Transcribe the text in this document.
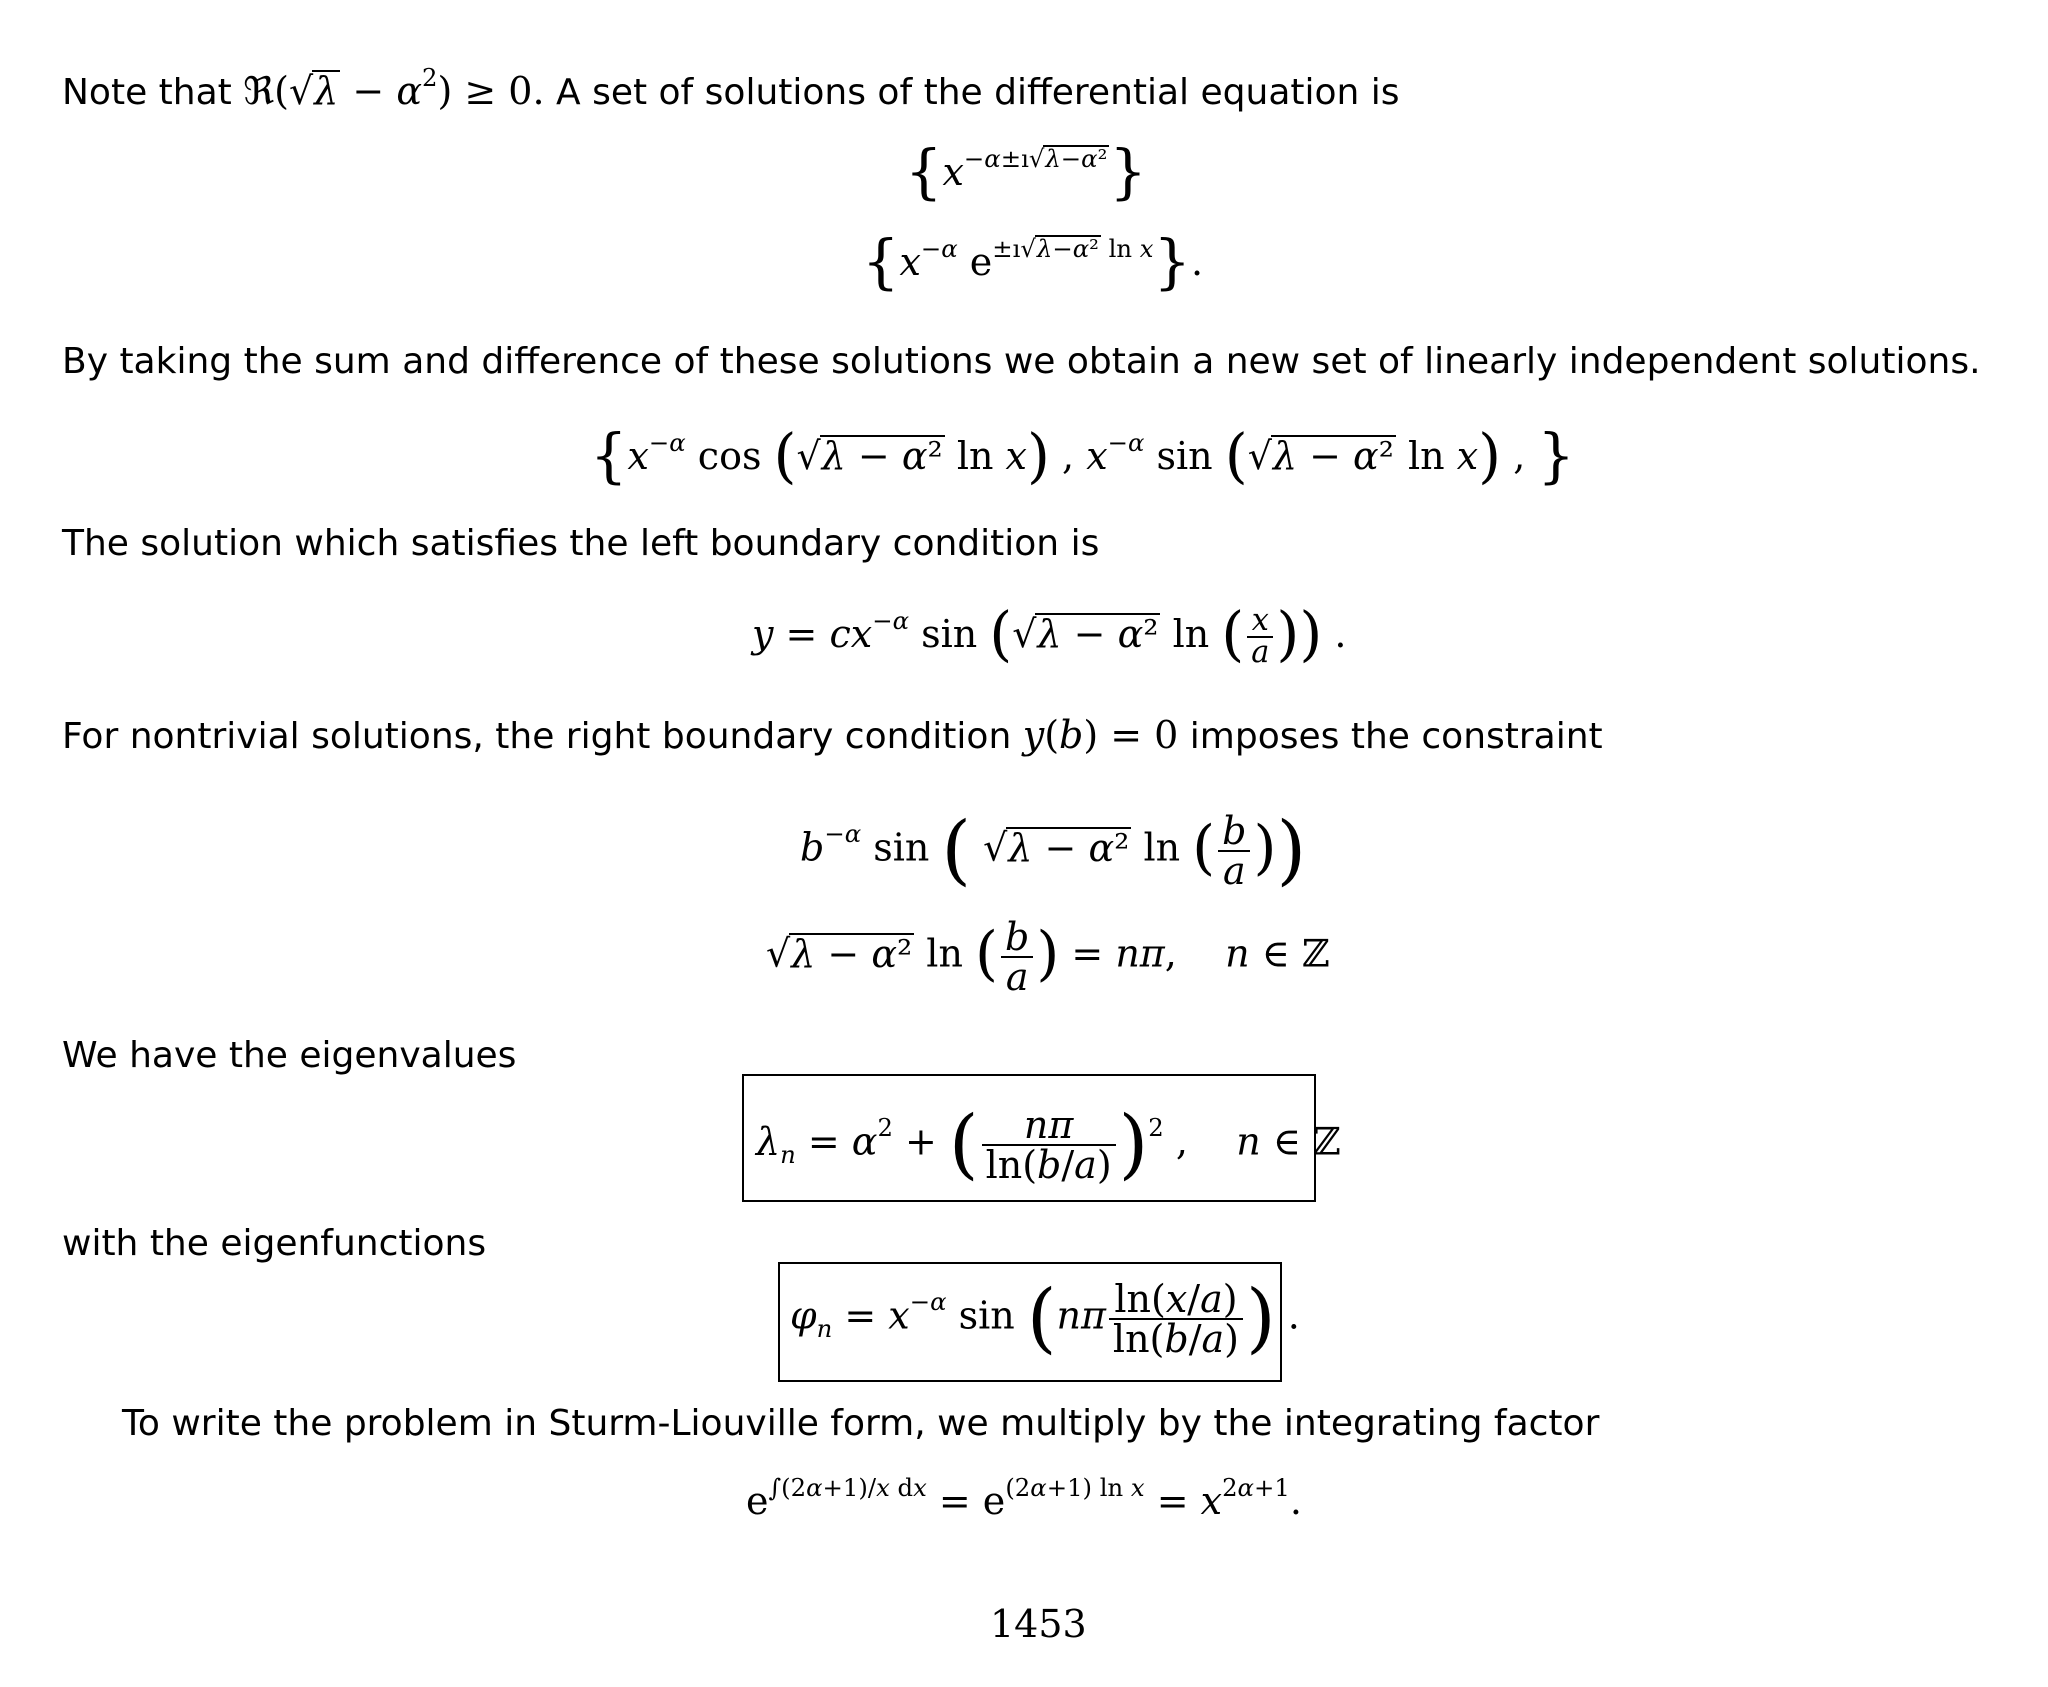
Note that ℜ(√λ − $\alpha^2) \ge 0$. A set of solutions of the differential equation is
$\{x^{-\alpha\pm ı√\lambda-\alpha^2}\}$
{$x^{-\alpha}$ $e^{\pm ı√\lambda-\alpha^2 ln x}$}.
By taking the sum and difference of these solutions we obtain a new set of linearly independent solutions.
{$x^{-\alpha}$ cos (√λ − α² ln x) , $x^{-\alpha}$ sin (√λ − α² ln x) , }
The solution which satisfies the left boundary condition is
$y = cx^{-\alpha}$ sin (√λ − α² ln ( $\frac{x}{a}$ )) .
For nontrivial solutions, the right boundary condition y(b) = 0 imposes the constraint
$b^{-\alpha}$ sin ( √λ − α² ln ( $\frac{b}{a}$ ))
√λ − α² ln ( $\frac{b}{a}$ ) = nπ,    n ∈ ℤ
We have the eigenvalues
$\lambda_n = \alpha^2$ + ( $\frac{n\pi}{\ln(b/a)} )^2$ ,    n ∈ ℤ
with the eigenfunctions
$\varphi_n = x^{-\alpha}$ $\sin (n\pi \frac{\ln(x/a)}{\ln(b/a)}$ ) .
To write the problem in Sturm-Liouville form, we multiply by the integrating factor
$e^{\int(2\alpha+1)/x dx} = e^{(2\alpha+1) ln x} = x^{2\alpha+1}$.
1453
